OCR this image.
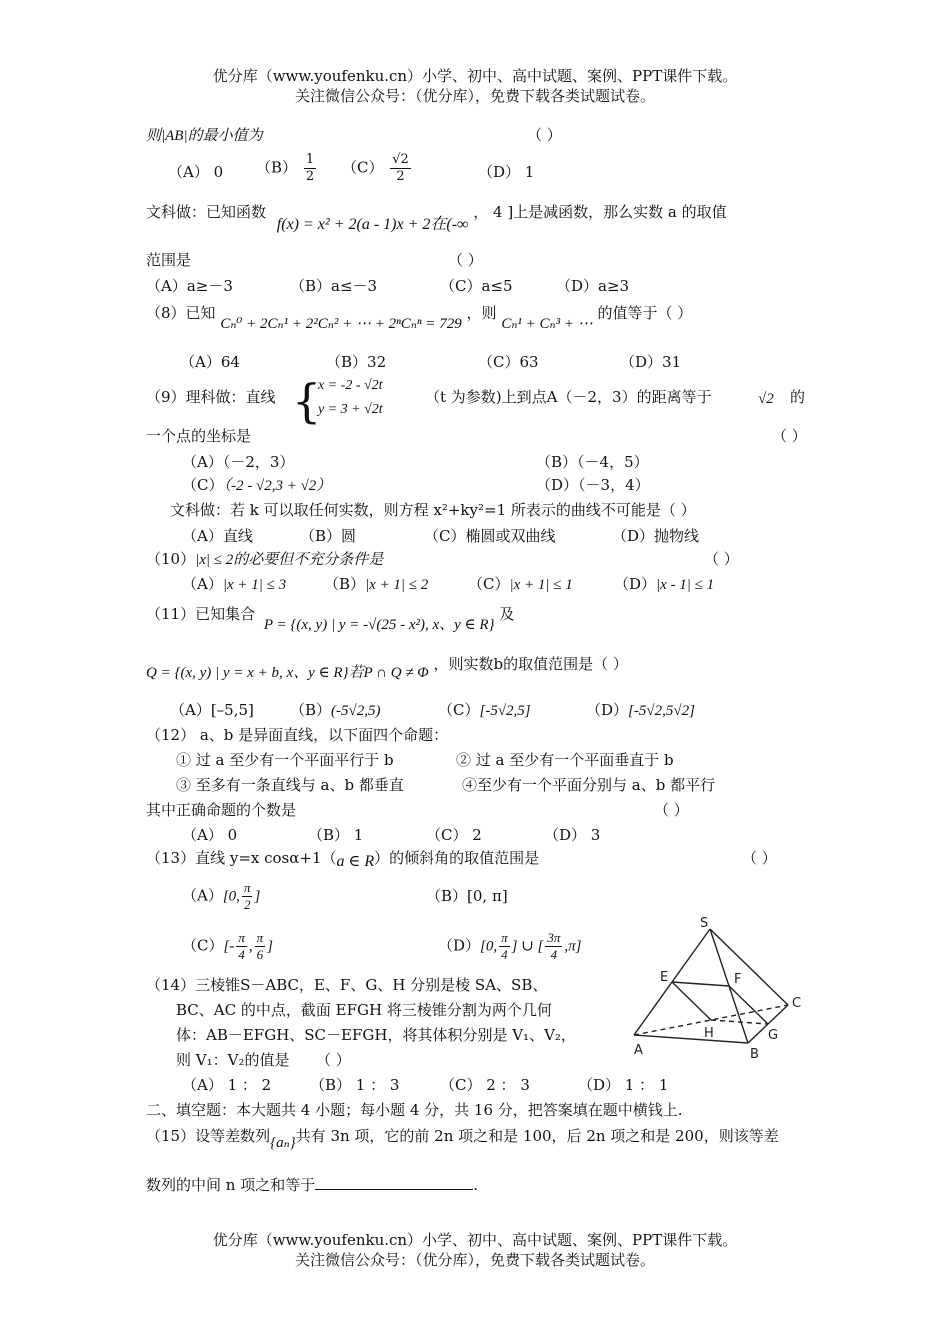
优分库（www.youfenku.cn）小学、初中、高中试题、案例、PPT课件下载。
关注微信公众号：（优分库），免费下载各类试题试卷。
则|AB|的最小值为	（ ）
（A） 0 $(B) \frac{1}{2} (C) \frac{√2}{2}$	（D） 1
文科做：已知函数 f(x) = x² + 2(a - 1)x + 2在(-∞ ， 4 ]上是减函数，那么实数 a 的取值
范围是	（ ）
（A）a≥－3	（B）a≤－3	（C）a≤5	（D）a≥3
（8）已知 Cₙ⁰ + 2Cₙ¹ + 2²Cₙ² + ⋯ + 2ⁿCₙⁿ = 729 ，则 Cₙ¹ + Cₙ³ + ⋯ 的值等于（ ）
（A）64	（B）32	（C）63	（D）31
（9）理科做：直线 {
x = -2 - √2t
y = 3 + √2t
（t 为参数)上到点A（－2，3）的距离等于	√2 的
一个点的坐标是	（ ）
（A）（－2，3）	（B）（－4，5）
（C）（-2 - √2,3 + √2）	（D）（－3，4）
文科做：若 k 可以取任何实数，则方程 x²+ky²=1 所表示的曲线不可能是（ ）
（A）直线	（B）圆	（C）椭圆或双曲线	（D）抛物线
（10）|x| ≤ 2的必要但不充分条件是	（ ）
（A）|x + 1| ≤ 3	（B）|x + 1| ≤ 2	（C）|x + 1| ≤ 1	（D）|x - 1| ≤ 1
（11）已知集合 P = {(x, y) | y = -√(25 - x²), x、y ∈ R} 及
Q = {(x, y) | y = x + b, x、y ∈ R}若P ∩ Q ≠ Φ ，则实数b的取值范围是（ ）
（A）[–5,5] （B）(-5√2,5)	（C）[-5√2,5]	（D）[-5√2,5√2]
（12） a、b 是异面直线，以下面四个命题：
① 过 a 至少有一个平面平行于 b	② 过 a 至少有一个平面垂直于 b
③ 至多有一条直线与 a、b 都垂直	④至少有一个平面分别与 a、b 都平行
其中正确命题的个数是	（ ）
（A） 0	（B） 1	（C） 2	（D） 3
（13）直线 y=x cosα+1（a ∈ R）的倾斜角的取值范围是	（ ）
（A）[0, $\frac{\pi}{2}$ ]	（B）[0, π]
$(C)[- \frac{\pi}{4}$ , $\frac{\pi}{6}$ ]	（D）[0, $\frac{\pi}{4}$ ] ∪ [ $\frac{3\pi}{4} ,\pi$]
（14）三棱锥S－ABC，E、F、G、H 分别是棱 SA、SB、
BC、AC 的中点，截面 EFGH 将三棱锥分割为两个几何
体：AB－EFGH、SC－EFGH，将其体积分别是 V₁、V₂，
则 V₁：V₂的值是 （ ）
（A） 1 ： 2	（B） 1 ： 3	（C） 2 ： 3	（D） 1 ： 1
S
E	F
C
H	G
A	B
二、填空题：本大题共 4 小题；每小题 4 分，共 16 分，把答案填在题中横钱上.
（15）设等差数列{aₙ}共有 3n 项，它的前 2n 项之和是 100，后 2n 项之和是 200，则该等差
数列的中间 n 项之和等于	.
优分库（www.youfenku.cn）小学、初中、高中试题、案例、PPT课件下载。
关注微信公众号：（优分库），免费下载各类试题试卷。
